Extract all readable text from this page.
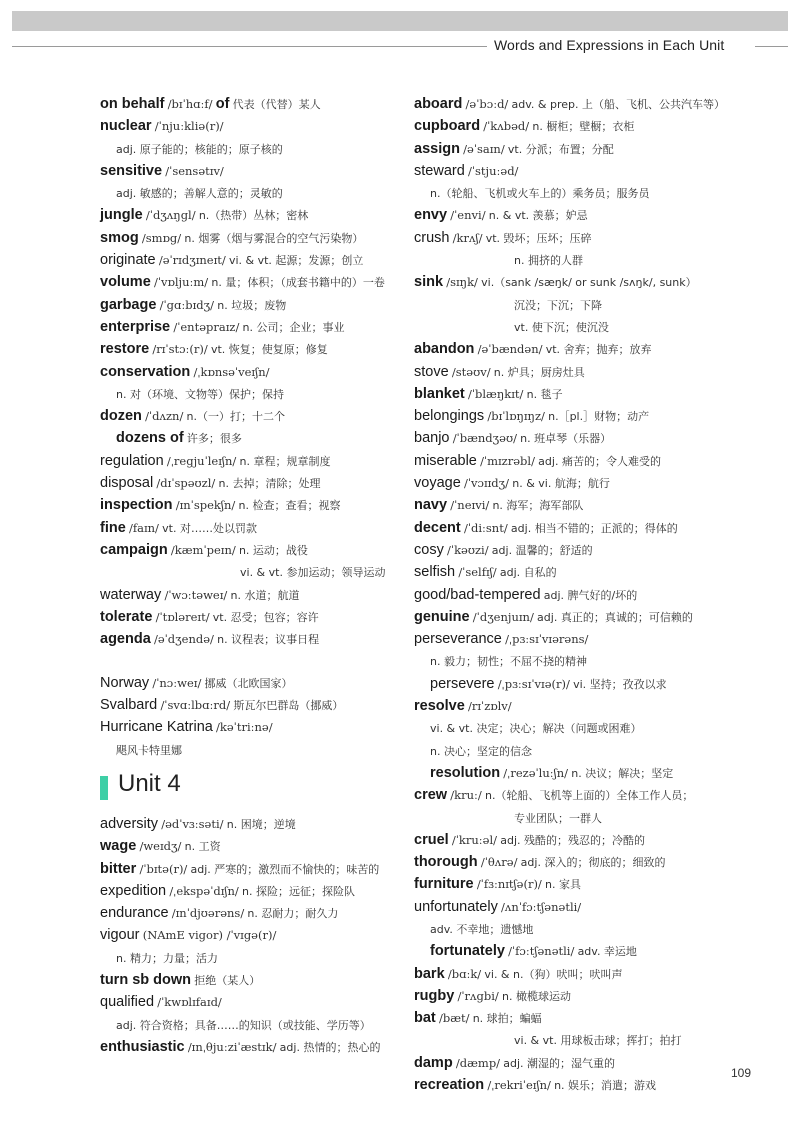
Words and Expressions in Each Unit
on behalf /bɪˈhɑːf/ of 代表（代替）某人
nuclear /ˈnjuːkliə(r)/
adj. 原子能的；核能的；原子核的
sensitive /ˈsensətɪv/
adj. 敏感的；善解人意的；灵敏的
jungle /ˈdʒʌŋgl/ n.（热带）丛林；密林
smog /smɒg/ n. 烟雾（烟与雾混合的空气污染物）
originate /əˈrɪdʒɪneɪt/ vi. & vt. 起源；发源；创立
volume /ˈvɒljuːm/ n. 量；体积；（成套书籍中的）一卷
garbage /ˈgɑːbɪdʒ/ n. 垃圾；废物
enterprise /ˈentəpraɪz/ n. 公司；企业；事业
restore /rɪˈstɔː(r)/ vt. 恢复；使复原；修复
conservation /ˌkɒnsəˈveɪʃn/
n. 对（环境、文物等）保护；保持
dozen /ˈdʌzn/ n.（一）打；十二个
dozens of 许多；很多
regulation /ˌregjuˈleɪʃn/ n. 章程；规章制度
disposal /dɪˈspəʊzl/ n. 去掉；清除；处理
inspection /ɪnˈspekʃn/ n. 检查；查看；视察
fine /faɪn/ vt. 对……处以罚款
campaign /kæmˈpeɪn/ n. 运动；战役
vi. & vt. 参加运动；领导运动
waterway /ˈwɔːtəweɪ/ n. 水道；航道
tolerate /ˈtɒləreɪt/ vt. 忍受；包容；容许
agenda /əˈdʒendə/ n. 议程表；议事日程
Norway /ˈnɔːweɪ/ 挪威（北欧国家）
Svalbard /ˈsvɑːlbɑːrd/ 斯瓦尔巴群岛（挪威）
Hurricane Katrina /kəˈtriːnə/
飓风卡特里娜
Unit 4
adversity /ədˈvɜːsəti/ n. 困境；逆境
wage /weɪdʒ/ n. 工资
bitter /ˈbɪtə(r)/ adj. 严寒的；激烈而不愉快的；味苦的
expedition /ˌekspəˈdɪʃn/ n. 探险；远征；探险队
endurance /ɪnˈdjʊərəns/ n. 忍耐力；耐久力
vigour (NAmE vigor) /ˈvɪgə(r)/
n. 精力；力量；活力
turn sb down 拒绝（某人）
qualified /ˈkwɒlɪfaɪd/
adj. 符合资格；具备……的知识（或技能、学历等）
enthusiastic /ɪnˌθjuːziˈæstɪk/ adj. 热情的；热心的
aboard /əˈbɔːd/ adv. & prep. 上（船、飞机、公共汽车等）
cupboard /ˈkʌbəd/ n. 橱柜；壁橱；衣柜
assign /əˈsaɪn/ vt. 分派；布置；分配
steward /ˈstjuːəd/
n.（轮船、飞机或火车上的）乘务员；服务员
envy /ˈenvi/ n. & vt. 羡慕；妒忌
crush /krʌʃ/ vt. 毁坏；压坏；压碎
n. 拥挤的人群
sink /sɪŋk/ vi.（sank /sæŋk/ or sunk /sʌŋk/, sunk）
沉没；下沉；下降
vt. 使下沉；使沉没
abandon /əˈbændən/ vt. 舍弃；抛弃；放弃
stove /stəʊv/ n. 炉具；厨房灶具
blanket /ˈblæŋkɪt/ n. 毯子
belongings /bɪˈlɒŋɪŋz/ n.［pl.］财物；动产
banjo /ˈbændʒəʊ/ n. 班卓琴（乐器）
miserable /ˈmɪzrəbl/ adj. 痛苦的；令人难受的
voyage /ˈvɔɪɪdʒ/ n. & vi. 航海；航行
navy /ˈneɪvi/ n. 海军；海军部队
decent /ˈdiːsnt/ adj. 相当不错的；正派的；得体的
cosy /ˈkəʊzi/ adj. 温馨的；舒适的
selfish /ˈselfɪʃ/ adj. 自私的
good/bad-tempered adj. 脾气好的/坏的
genuine /ˈdʒenjuɪn/ adj. 真正的；真诚的；可信赖的
perseverance /ˌpɜːsɪˈvɪərəns/
n. 毅力；韧性；不屈不挠的精神
persevere /ˌpɜːsɪˈvɪə(r)/ vi. 坚持；孜孜以求
resolve /rɪˈzɒlv/
vi. & vt. 决定；决心；解决（问题或困难）
n. 决心；坚定的信念
resolution /ˌrezəˈluːʃn/ n. 决议；解决；坚定
crew /kruː/ n.（轮船、飞机等上面的）全体工作人员；
专业团队；一群人
cruel /ˈkruːəl/ adj. 残酷的；残忍的；冷酷的
thorough /ˈθʌrə/ adj. 深入的；彻底的；细致的
furniture /ˈfɜːnɪtʃə(r)/ n. 家具
unfortunately /ʌnˈfɔːtʃənətli/
adv. 不幸地；遗憾地
fortunately /ˈfɔːtʃənətli/ adv. 幸运地
bark /bɑːk/ vi. & n.（狗）吠叫；吠叫声
rugby /ˈrʌgbi/ n. 橄榄球运动
bat /bæt/ n. 球拍；蝙蝠
vi. & vt. 用球板击球；挥打；拍打
damp /dæmp/ adj. 潮湿的；湿气重的
recreation /ˌrekriˈeɪʃn/ n. 娱乐；消遣；游戏
109
